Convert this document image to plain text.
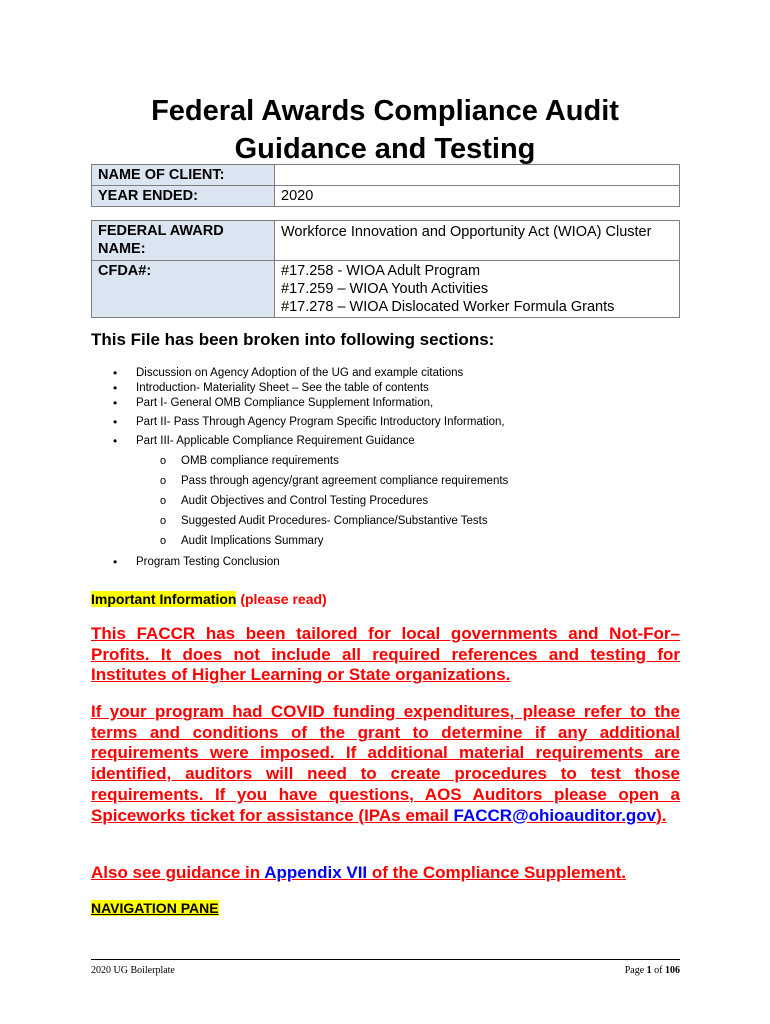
Federal Awards Compliance Audit
Guidance and Testing
NAME OF CLIENT:	
YEAR ENDED:	2020
FEDERAL AWARD NAME:	Workforce Innovation and Opportunity Act (WIOA) Cluster
CFDA#:	#17.258 - WIOA Adult Program
#17.259 – WIOA Youth Activities
#17.278 – WIOA Dislocated Worker Formula Grants
This File has been broken into following sections:
• Discussion on Agency Adoption of the UG and example citations
• Introduction- Materiality Sheet – See the table of contents
• Part I- General OMB Compliance Supplement Information,
• Part II- Pass Through Agency Program Specific Introductory Information,
• Part III- Applicable Compliance Requirement Guidance
o OMB compliance requirements
o Pass through agency/grant agreement compliance requirements
o Audit Objectives and Control Testing Procedures
o Suggested Audit Procedures- Compliance/Substantive Tests
o Audit Implications Summary
• Program Testing Conclusion
Important Information (please read)
This FACCR has been tailored for local governments and Not-For–Profits. It does not include all required references and testing for Institutes of Higher Learning or State organizations.
If your program had COVID funding expenditures, please refer to the terms and conditions of the grant to determine if any additional requirements were imposed. If additional material requirements are identified, auditors will need to create procedures to test those requirements. If you have questions, AOS Auditors please open a Spiceworks ticket for assistance (IPAs email FACCR@ohioauditor.gov).
Also see guidance in Appendix VII of the Compliance Supplement.
NAVIGATION PANE
2020 UG Boilerplate	Page 1 of 106
